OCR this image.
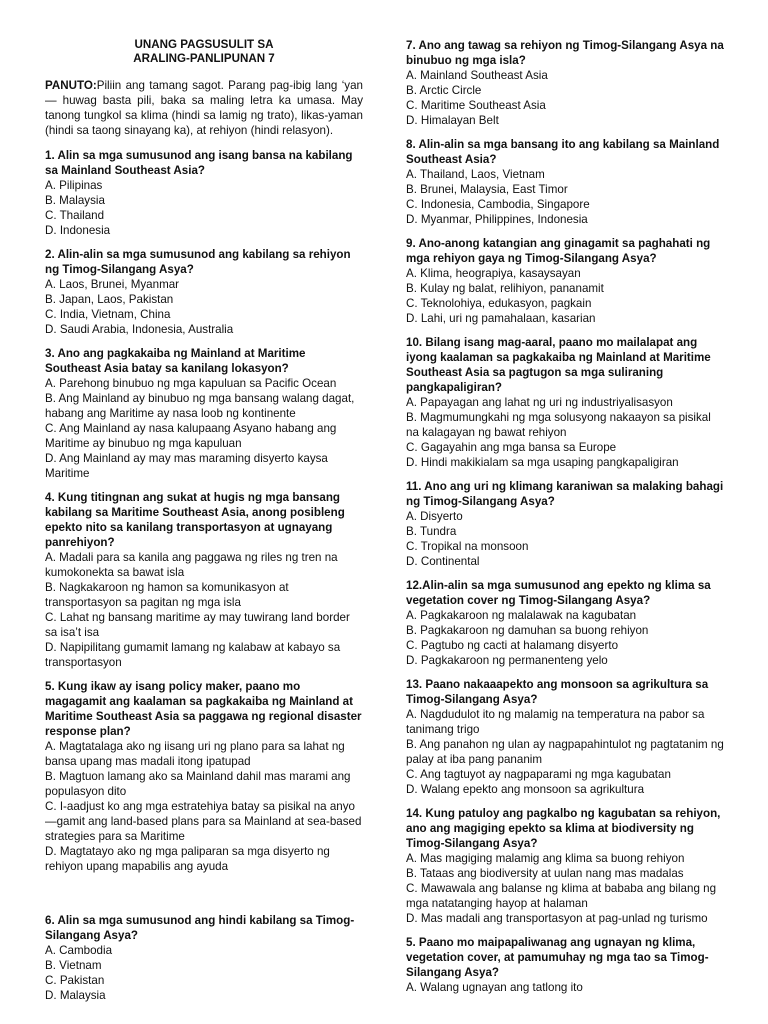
UNANG PAGSUSULIT SA

ARALING-PANLIPUNAN 7

PANUTO:Piliin ang tamang sagot. Parang pag-ibig lang ‘yan — huwag basta pili, baka sa maling letra ka umasa. May tanong tungkol sa klima (hindi sa lamig ng trato), likas-yaman (hindi sa taong sinayang ka), at rehiyon (hindi relasyon).
1. Alin sa mga sumusunod ang isang bansa na kabilang sa Mainland Southeast Asia?
A. Pilipinas
B. Malaysia
C. Thailand
D. Indonesia
2. Alin-alin sa mga sumusunod ang kabilang sa rehiyon ng Timog-Silangang Asya?
A. Laos, Brunei, Myanmar
B. Japan, Laos, Pakistan
C. India, Vietnam, China
D. Saudi Arabia, Indonesia, Australia
3. Ano ang pagkakaiba ng Mainland at Maritime Southeast Asia batay sa kanilang lokasyon?
A. Parehong binubuo ng mga kapuluan sa Pacific Ocean
B. Ang Mainland ay binubuo ng mga bansang walang dagat, habang ang Maritime ay nasa loob ng kontinente
C. Ang Mainland ay nasa kalupaang Asyano habang ang Maritime ay binubuo ng mga kapuluan
D. Ang Mainland ay may mas maraming disyerto kaysa Maritime
4. Kung titingnan ang sukat at hugis ng mga bansang kabilang sa Maritime Southeast Asia, anong posibleng epekto nito sa kanilang transportasyon at ugnayang panrehiyon?
A. Madali para sa kanila ang paggawa ng riles ng tren na kumokonekta sa bawat isla
B. Nagkakaroon ng hamon sa komunikasyon at transportasyon sa pagitan ng mga isla
C. Lahat ng bansang maritime ay may tuwirang land border sa isa’t isa
D. Napipilitang gumamit lamang ng kalabaw at kabayo sa transportasyon
5. Kung ikaw ay isang policy maker, paano mo magagamit ang kaalaman sa pagkakaiba ng Mainland at Maritime Southeast Asia sa paggawa ng regional disaster response plan?
A. Magtatalaga ako ng iisang uri ng plano para sa lahat ng bansa upang mas madali itong ipatupad
B. Magtuon lamang ako sa Mainland dahil mas marami ang populasyon dito
C. I-aadjust ko ang mga estratehiya batay sa pisikal na anyo—gamit ang land-based plans para sa Mainland at sea-based strategies para sa Maritime
D. Magtatayo ako ng mga paliparan sa mga disyerto ng rehiyon upang mapabilis ang ayuda
6. Alin sa mga sumusunod ang hindi kabilang sa Timog-Silangang Asya?
A. Cambodia
B. Vietnam
C. Pakistan
D. Malaysia
7. Ano ang tawag sa rehiyon ng Timog-Silangang Asya na binubuo ng mga isla?
A. Mainland Southeast Asia
B. Arctic Circle
C. Maritime Southeast Asia
D. Himalayan Belt
8. Alin-alin sa mga bansang ito ang kabilang sa Mainland Southeast Asia?
A. Thailand, Laos, Vietnam
B. Brunei, Malaysia, East Timor
C. Indonesia, Cambodia, Singapore
D. Myanmar, Philippines, Indonesia
9. Ano-anong katangian ang ginagamit sa paghahati ng mga rehiyon gaya ng Timog-Silangang Asya?
A. Klima, heograpiya, kasaysayan
B. Kulay ng balat, relihiyon, pananamit
C. Teknolohiya, edukasyon, pagkain
D. Lahi, uri ng pamahalaan, kasarian
10. Bilang isang mag-aaral, paano mo mailalapat ang iyong kaalaman sa pagkakaiba ng Mainland at Maritime Southeast Asia sa pagtugon sa mga suliraning pangkapaligiran?
A. Papayagan ang lahat ng uri ng industriyalisasyon
B. Magmumungkahi ng mga solusyong nakaayon sa pisikal na kalagayan ng bawat rehiyon
C. Gagayahin ang mga bansa sa Europe
D. Hindi makikialam sa mga usaping pangkapaligiran
11. Ano ang uri ng klimang karaniwan sa malaking bahagi ng Timog-Silangang Asya?
A. Disyerto
B. Tundra
C. Tropikal na monsoon
D. Continental
12.Alin-alin sa mga sumusunod ang epekto ng klima sa vegetation cover ng Timog-Silangang Asya?
A. Pagkakaroon ng malalawak na kagubatan
B. Pagkakaroon ng damuhan sa buong rehiyon
C. Pagtubo ng cacti at halamang disyerto
D. Pagkakaroon ng permanenteng yelo
13. Paano nakaaapekto ang monsoon sa agrikultura sa Timog-Silangang Asya?
A. Nagdudulot ito ng malamig na temperatura na pabor sa tanimang trigo
B. Ang panahon ng ulan ay nagpapahintulot ng pagtatanim ng palay at iba pang pananim
C. Ang tagtuyot ay nagpaparami ng mga kagubatan
D. Walang epekto ang monsoon sa agrikultura
14. Kung patuloy ang pagkalbo ng kagubatan sa rehiyon, ano ang magiging epekto sa klima at biodiversity ng Timog-Silangang Asya?
A. Mas magiging malamig ang klima sa buong rehiyon
B. Tataas ang biodiversity at uulan nang mas madalas
C. Mawawala ang balanse ng klima at bababa ang bilang ng mga natatanging hayop at halaman
D. Mas madali ang transportasyon at pag-unlad ng turismo
5. Paano mo maipapaliwanag ang ugnayan ng klima, vegetation cover, at pamumuhay ng mga tao sa Timog-Silangang Asya?
A. Walang ugnayan ang tatlong ito
